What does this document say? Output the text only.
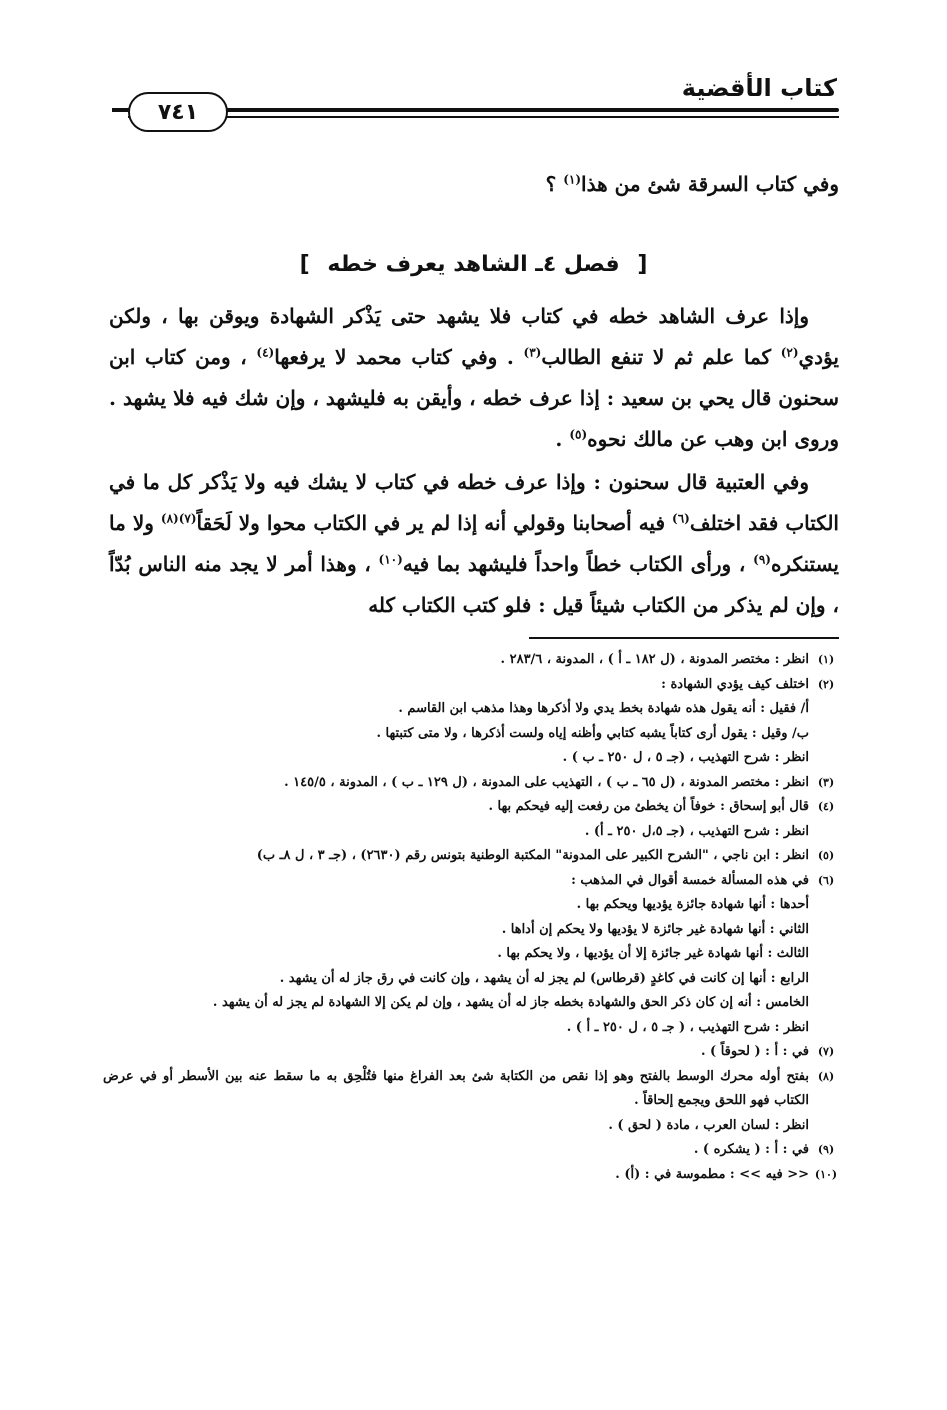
كتاب الأقضية
٧٤١
وفي كتاب السرقة شئ من هذا$^{(١)}$ ؟
[ فصل ٤ـ الشاهد يعرف خطه ]
وإذا عرف الشاهد خطه في كتاب فلا يشهد حتى يَذْكر الشهادة ويوقن بها ، ولكن يؤدي$^{(٢)}$ كما علم ثم لا تنفع الطالب$^{(٣)}$ . وفي كتاب محمد لا يرفعها$^{(٤)}$ ، ومن كتاب ابن سحنون قال يحي بن سعيد : إذا عرف خطه ، وأيقن به فليشهد ، وإن شك فيه فلا يشهد . وروى ابن وهب عن مالك نحوه$^{(٥)}$ .
وفي العتبية قال سحنون : وإذا عرف خطه في كتاب لا يشك فيه ولا يَذْكر كل ما في الكتاب فقد اختلف$^{(٦)}$ فيه أصحابنا وقولي أنه إذا لم ير في الكتاب محوا ولا لَحَقاً$^{(٧)(٨)}$ ولا ما يستنكره$^{(٩)}$ ، ورأى الكتاب خطاً واحداً فليشهد بما فيه$^{(١٠)}$ ، وهذا أمر لا يجد منه الناس بُدّاً ، وإن لم يذكر من الكتاب شيئاً قيل : فلو كتب الكتاب كله
(١)
انظر : مختصر المدونة ، (ل ١٨٢ ـ أ ) ، المدونة ، ٢٨٣/٦ .
(٢)
اختلف كيف يؤدي الشهادة :
أ/ فقيل : أنه يقول هذه شهادة بخط يدي ولا أذكرها وهذا مذهب ابن القاسم .
ب/ وقيل : يقول أرى كتاباً يشبه كتابي وأظنه إياه ولست أذكرها ، ولا متى كتبتها .
انظر : شرح التهذيب ، (جـ ٥ ، ل ٢٥٠ ـ ب ) .
(٣)
انظر : مختصر المدونة ، (ل ٦٥ ـ ب ) ، التهذيب على المدونة ، (ل ١٢٩ ـ ب ) ، المدونة ، ١٤٥/٥ .
(٤)
قال أبو إسحاق : خوفاً أن يخطئ من رفعت إليه فيحكم بها .
انظر : شرح التهذيب ، (جـ ٥،ل ٢٥٠ ـ أ) .
(٥)
انظر : ابن ناجي ، "الشرح الكبير على المدونة" المكتبة الوطنية بتونس رقم (٢٦٣٠) ، (جـ ٣ ، ل ٨ـ ب)
(٦)
في هذه المسألة خمسة أقوال في المذهب :
أحدها : أنها شهادة جائزة يؤديها ويحكم بها .
الثاني : أنها شهادة غير جائزة لا يؤديها ولا يحكم إن أداها .
الثالث : أنها شهادة غير جائزة إلا أن يؤديها ، ولا يحكم بها .
الرابع : أنها إن كانت في كاغدٍ (قرطاس) لم يجز له أن يشهد ، وإن كانت في رق جاز له أن يشهد .
الخامس : أنه إن كان ذكر الحق والشهادة بخطه جاز له أن يشهد ، وإن لم يكن إلا الشهادة لم يجز له أن يشهد .
انظر : شرح التهذيب ، ( جـ ٥ ، ل ٢٥٠ ـ أ ) .
(٧)
في : أ : ( لحوقاً ) .
(٨)
بفتح أوله محرك الوسط بالفتح وهو إذا نقص من الكتابة شئ بعد الفراغ منها فتُلْحِق به ما سقط عنه بين الأسطر أو في عرض الكتاب فهو اللحق ويجمع إلحاقاً .
انظر : لسان العرب ، مادة ( لحق ) .
(٩)
في : أ : ( يشكره ) .
(١٠)
<< فيه >> : مطموسة في : (أ) .
